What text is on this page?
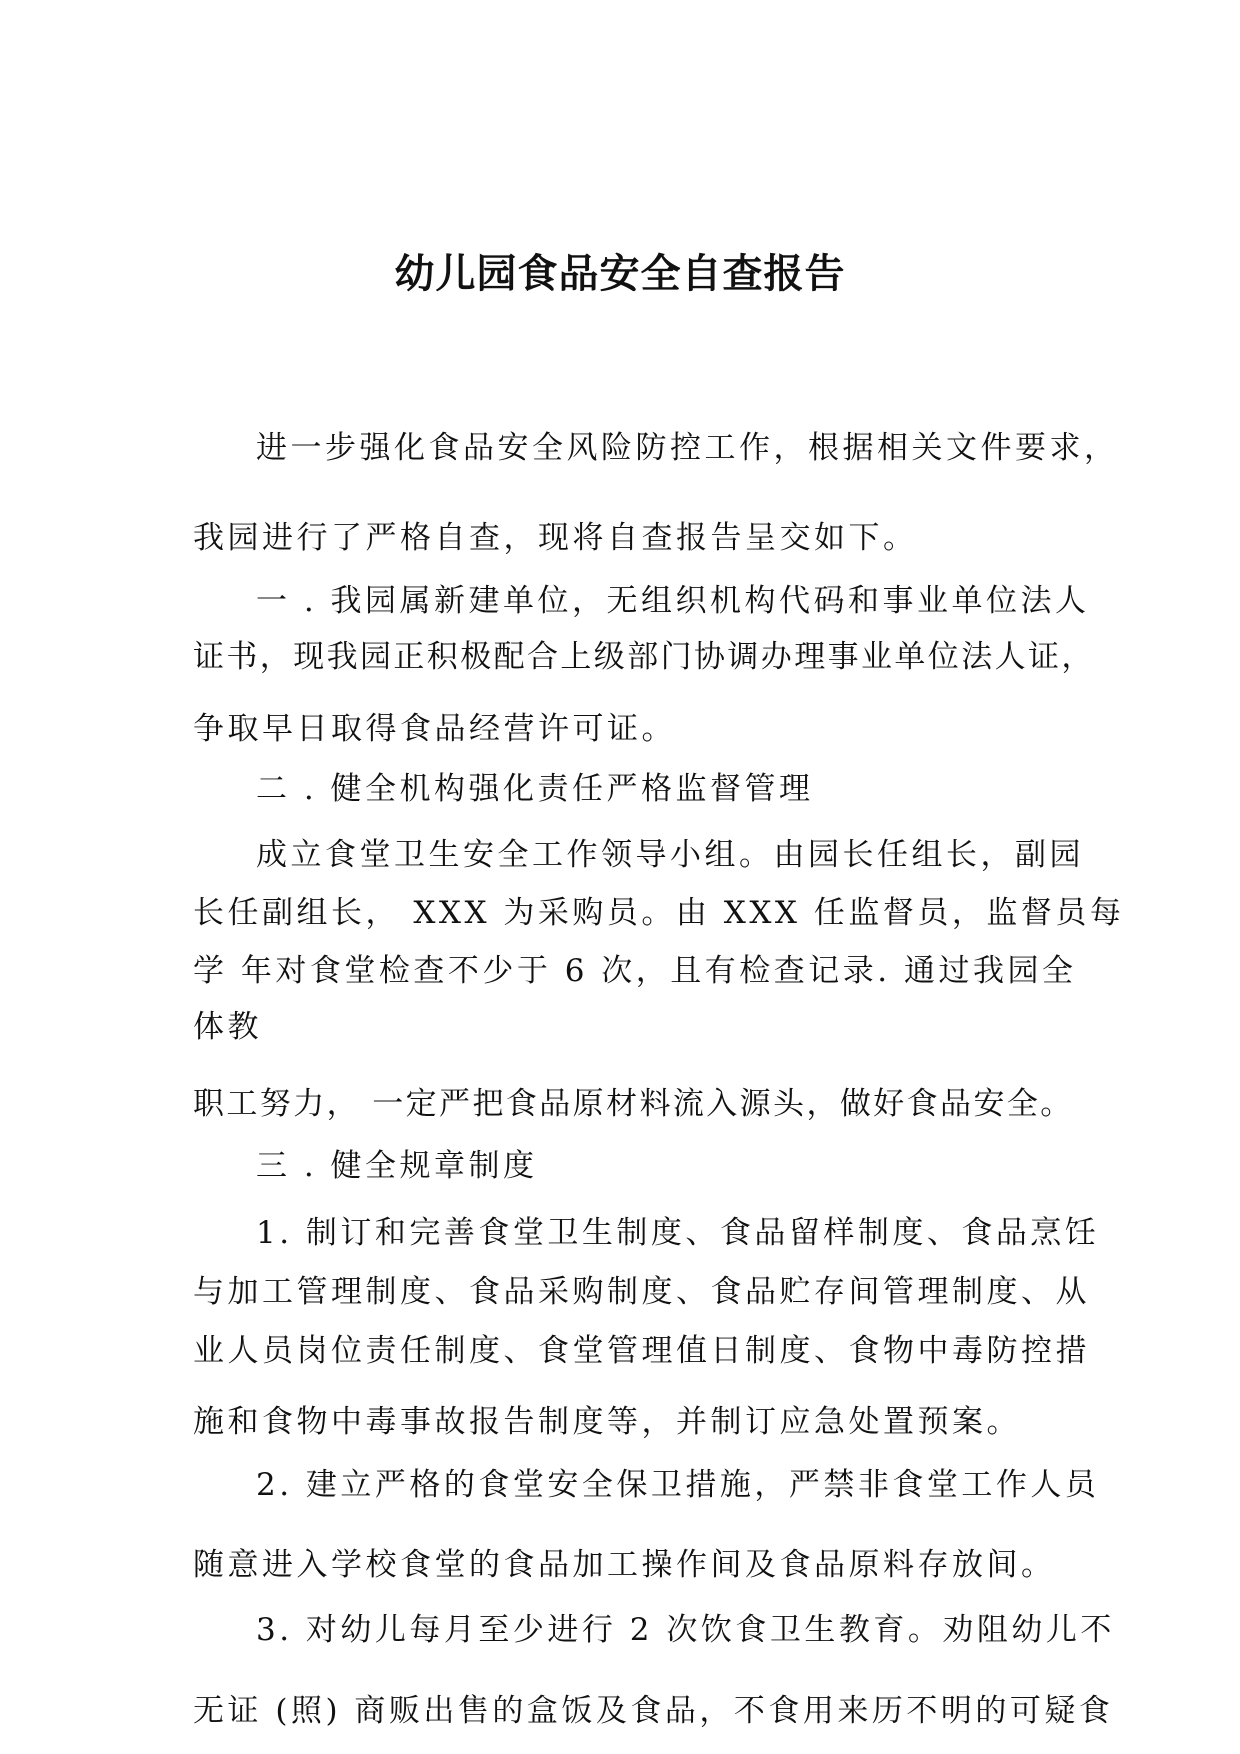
幼儿园食品安全自查报告

进一步强化食品安全风险防控工作，根据相关文件要求，

我园进行了严格自查，现将自查报告呈交如下。

一 . 我园属新建单位，无组织机构代码和事业单位法人

证书，现我园正积极配合上级部门协调办理事业单位法人证，

争取早日取得食品经营许可证。

二 . 健全机构强化责任严格监督管理

成立食堂卫生安全工作领导小组。由园长任组长，副园

长任副组长， XXX 为采购员。由 XXX 任监督员，监督员每

学 年对食堂检查不少于 6 次，且有检查记录. 通过我园全

体教

职工努力， 一定严把食品原材料流入源头，做好食品安全。

三 . 健全规章制度

1. 制订和完善食堂卫生制度、食品留样制度、食品烹饪

与加工管理制度、食品采购制度、食品贮存间管理制度、从

业人员岗位责任制度、食堂管理值日制度、食物中毒防控措

施和食物中毒事故报告制度等，并制订应急处置预案。

2. 建立严格的食堂安全保卫措施，严禁非食堂工作人员

随意进入学校食堂的食品加工操作间及食品原料存放间。

3. 对幼儿每月至少进行 2 次饮食卫生教育。劝阻幼儿不

无证 (照) 商贩出售的盒饭及食品，不食用来历不明的可疑食
